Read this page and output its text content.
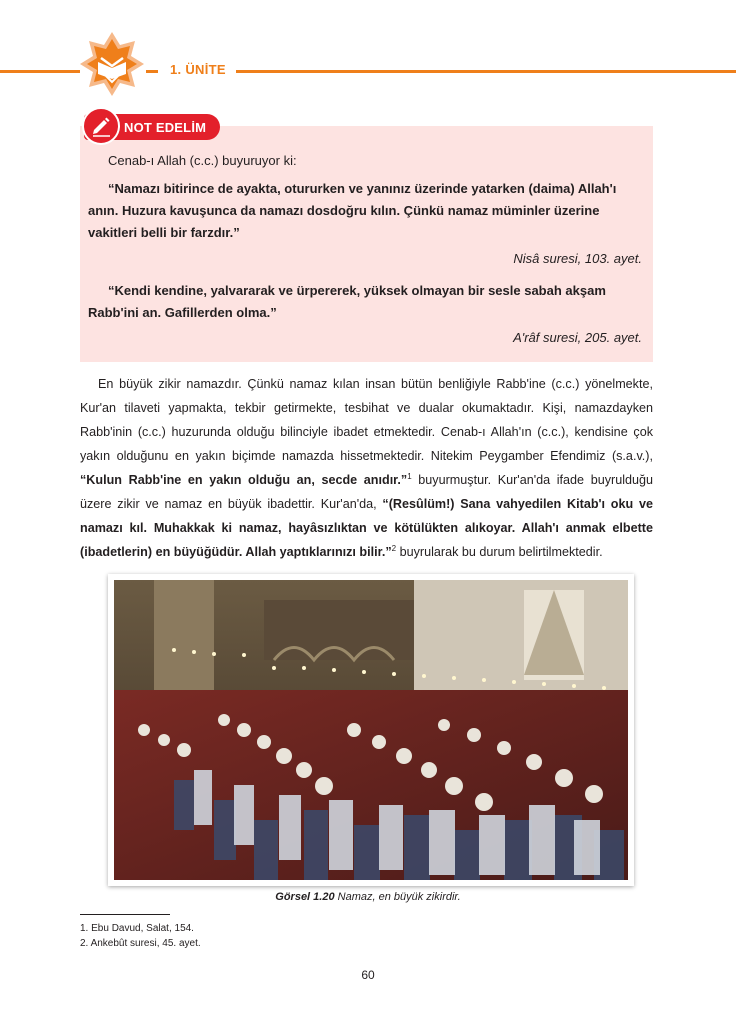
1. ÜNİTE
NOT EDELİM
Cenab-ı Allah (c.c.) buyuruyor ki:
“Namazı bitirince de ayakta, otururken ve yanınız üzerinde yatarken (daima) Allah'ı anın. Huzura kavuşunca da namazı dosdoğru kılın. Çünkü namaz müminler üzerine vakitleri belli bir farzdır.”
Nisâ suresi, 103. ayet.
“Kendi kendine, yalvararak ve ürpererek, yüksek olmayan bir sesle sabah akşam Rabb'ini an. Gafillerden olma.”
A'râf suresi, 205. ayet.
En büyük zikir namazdır. Çünkü namaz kılan insan bütün benliğiyle Rabb'ine (c.c.) yönelmekte, Kur'an tilaveti yapmakta, tekbir getirmekte, tesbihat ve dualar okumaktadır. Kişi, namazdayken Rabb'inin (c.c.) huzurunda olduğu bilinciyle ibadet etmektedir. Cenab-ı Allah'ın (c.c.), kendisine çok yakın olduğunu en yakın biçimde namazda hissetmektedir. Nitekim Peygamber Efendimiz (s.a.v.), “Kulun Rabb'ine en yakın olduğu an, secde anıdır.”$^1$ buyurmuştur. Kur'an'da ifade buyrulduğu üzere zikir ve namaz en büyük ibadettir. Kur'an'da, “(Resûlüm!) Sana vahyedilen Kitab'ı oku ve namazı kıl. Muhakkak ki namaz, hayâsızlıktan ve kötülükten alıkoyar. Allah'ı anmak elbette (ibadetlerin) en büyüğüdür. Allah yaptıklarınızı bilir.”$^2$ buyrularak bu durum belirtilmektedir.
Görsel 1.20 Namaz, en büyük zikirdir.
1. Ebu Davud, Salat, 154.
2. Ankebût suresi, 45. ayet.
60
